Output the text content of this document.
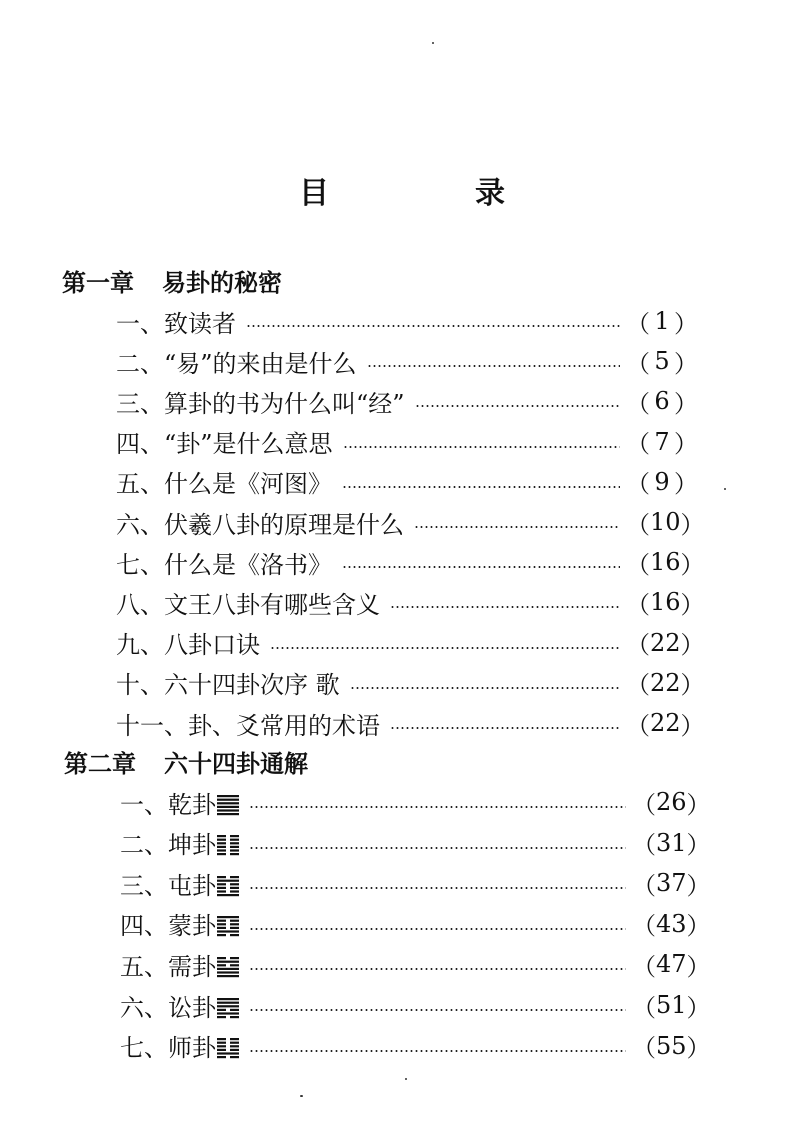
目　录
第一章 易卦的秘密
一、致读者	（ 1 ）
二、“易”的来由是什么	（ 5 ）
三、算卦的书为什么叫“经”	（ 6 ）
四、“卦”是什么意思	（ 7 ）
五、什么是《河图》	（ 9 ）
六、伏羲八卦的原理是什么	（ 10 ）
七、什么是《洛书》	（ 16 ）
八、文王八卦有哪些含义	（ 16 ）
九、八卦口诀	（ 22 ）
十、六十四卦次序 歌	（ 22 ）
十一、卦、爻常用的术语	（ 22 ）
第二章 六十四卦通解
一、乾卦	（ 26 ）
二、坤卦	（ 31 ）
三、屯卦	（ 37 ）
四、蒙卦	（ 43 ）
五、需卦	（ 47 ）
六、讼卦	（ 51 ）
七、师卦	（ 55 ）
